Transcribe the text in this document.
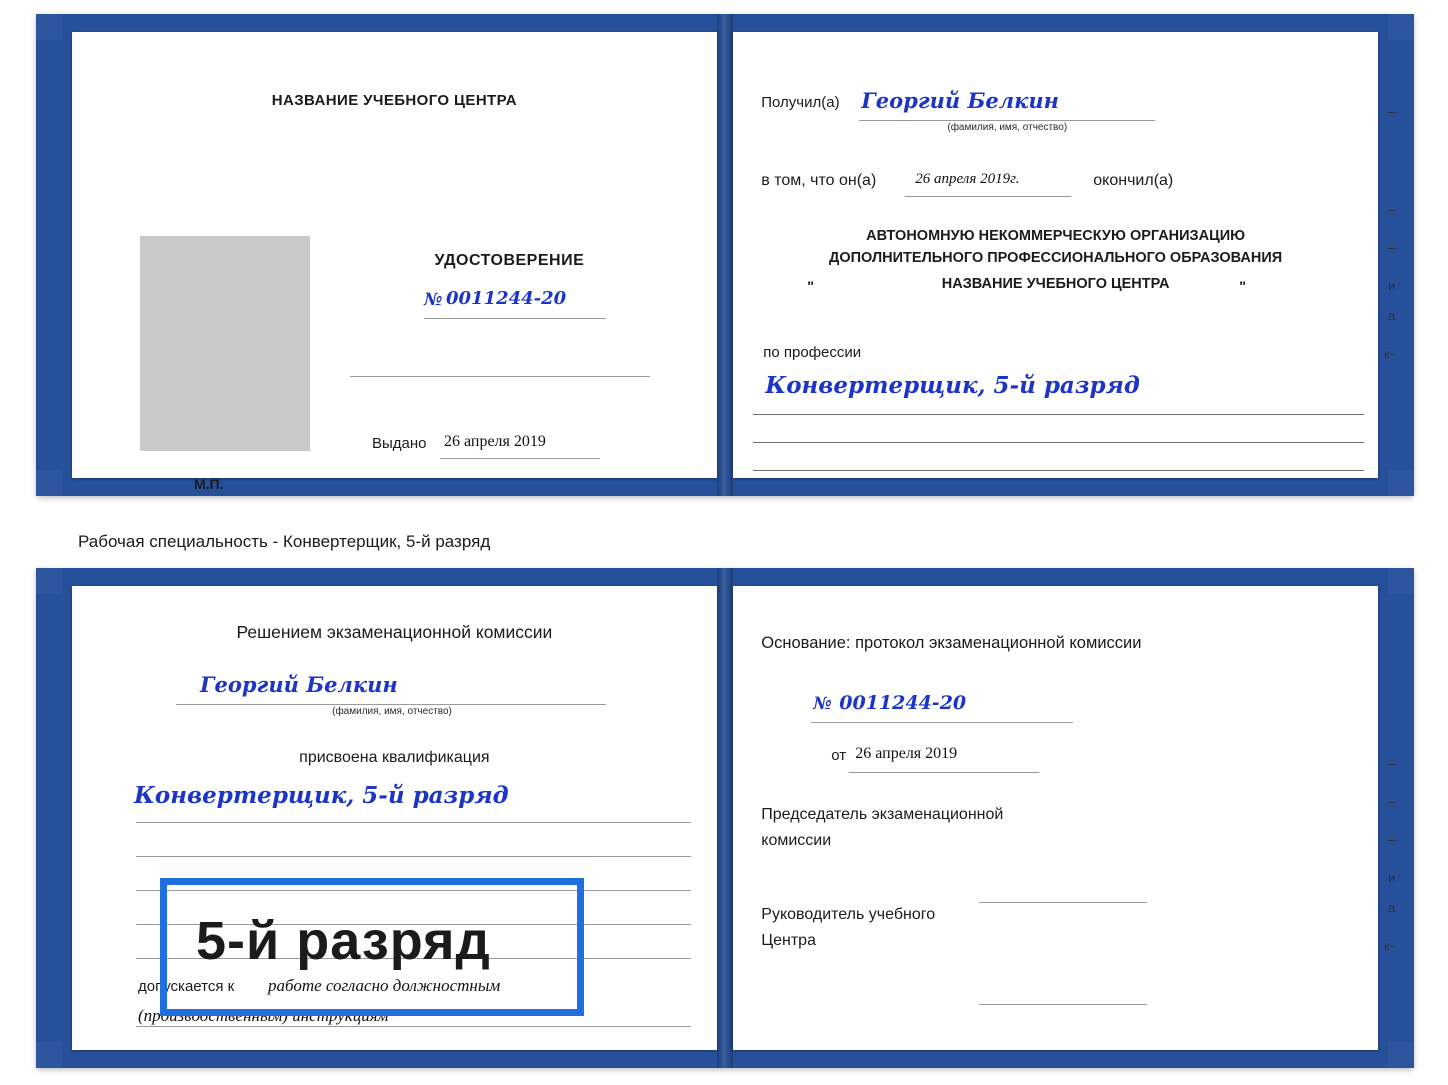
НАЗВАНИЕ УЧЕБНОГО ЦЕНТРА
УДОСТОВЕРЕНИЕ
№ 0011244-20
Выдано 26 апреля 2019
М.П.
Получил(а) Георгий Белкин
(фамилия, имя, отчество)
в том, что он(а)	26 апреля 2019г.	окончил(а)
АВТОНОМНУЮ НЕКОММЕРЧЕСКУЮ ОРГАНИЗАЦИЮ
ДОПОЛНИТЕЛЬНОГО ПРОФЕССИОНАЛЬНОГО ОБРАЗОВАНИЯ
"	НАЗВАНИЕ УЧЕБНОГО ЦЕНТРА	"
по профессии
Конвертерщик, 5-й разряд
–
–
–
и
а
к-
Рабочая специальность - Конвертерщик, 5-й разряд
Решением экзаменационной комиссии
Георгий Белкин
(фамилия, имя, отчество)
присвоена квалификация
Конвертерщик, 5-й разряд
допускается к работе согласно должностным
(производственным) инструкциям
Основание: протокол экзаменационной комиссии
№ 0011244-20
от 26 апреля 2019
Председатель экзаменационной
комиссии
Руководитель учебного
Центра
–
–
–
и
а
к-
5-й разряд
